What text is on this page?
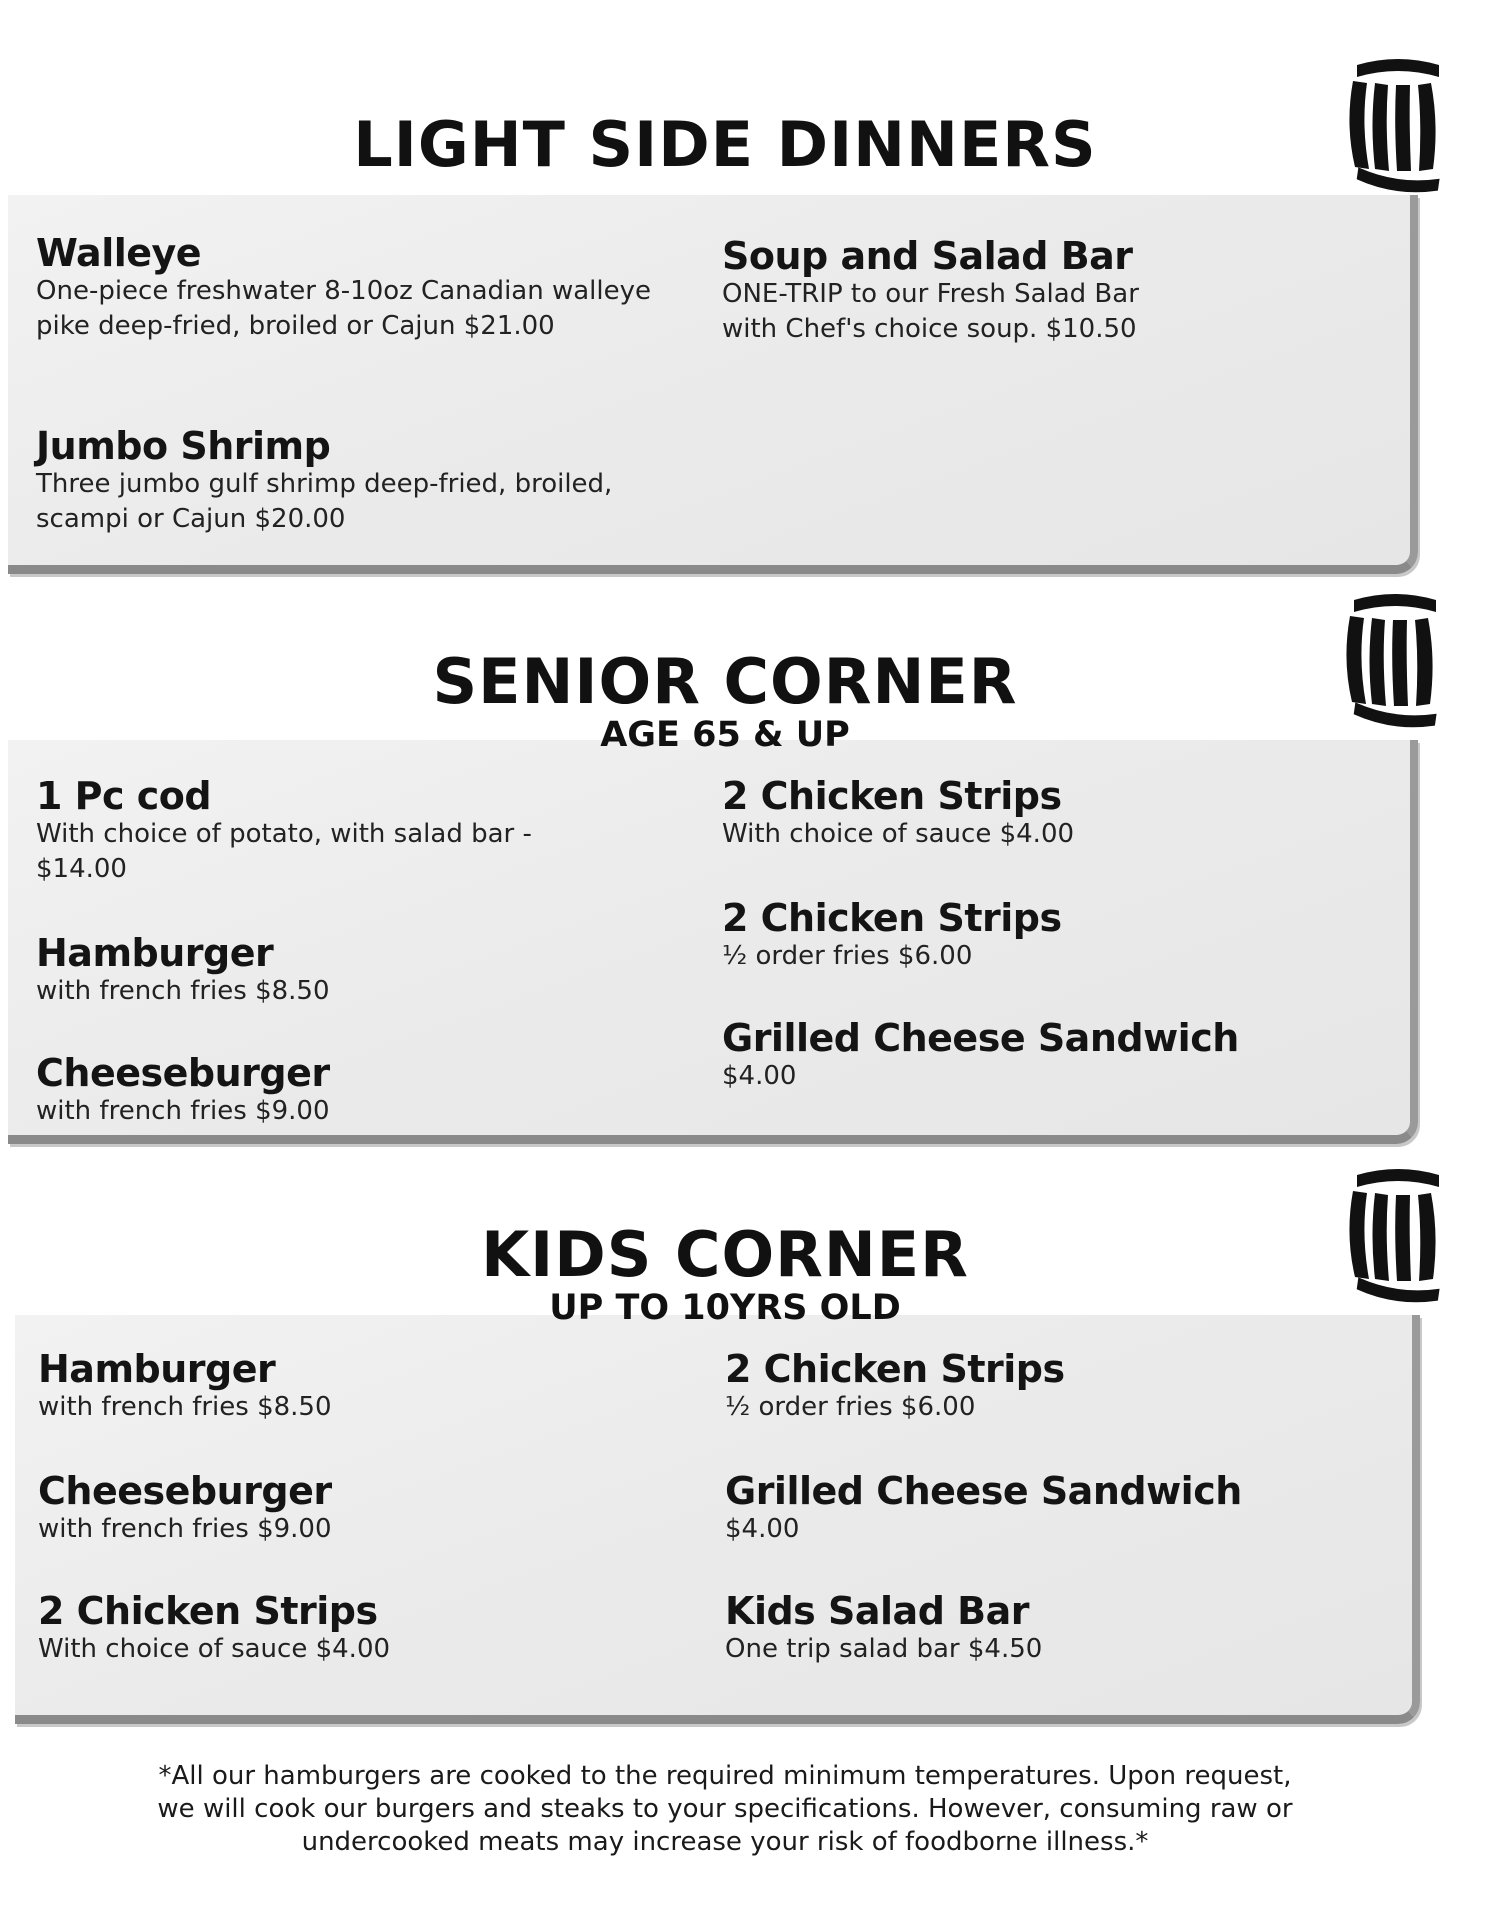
LIGHT SIDE DINNERS
Walleye
One-piece freshwater 8-10oz Canadian walleye pike deep-fried, broiled or Cajun $21.00
Jumbo Shrimp
Three jumbo gulf shrimp deep-fried, broiled, scampi or Cajun $20.00
Soup and Salad Bar
ONE-TRIP to our Fresh Salad Bar with Chef's choice soup. $10.50
SENIOR CORNER
AGE 65 & UP
1 Pc cod
With choice of potato, with salad bar - $14.00
Hamburger
with french fries $8.50
Cheeseburger
with french fries $9.00
2 Chicken Strips
With choice of sauce $4.00
2 Chicken Strips
½ order fries $6.00
Grilled Cheese Sandwich
$4.00
KIDS CORNER
UP TO 10YRS OLD
Hamburger
with french fries $8.50
Cheeseburger
with french fries $9.00
2 Chicken Strips
With choice of sauce $4.00
2 Chicken Strips
½ order fries $6.00
Grilled Cheese Sandwich
$4.00
Kids Salad Bar
One trip salad bar $4.50
*All our hamburgers are cooked to the required minimum temperatures. Upon request, we will cook our burgers and steaks to your specifications. However, consuming raw or undercooked meats may increase your risk of foodborne illness.*
